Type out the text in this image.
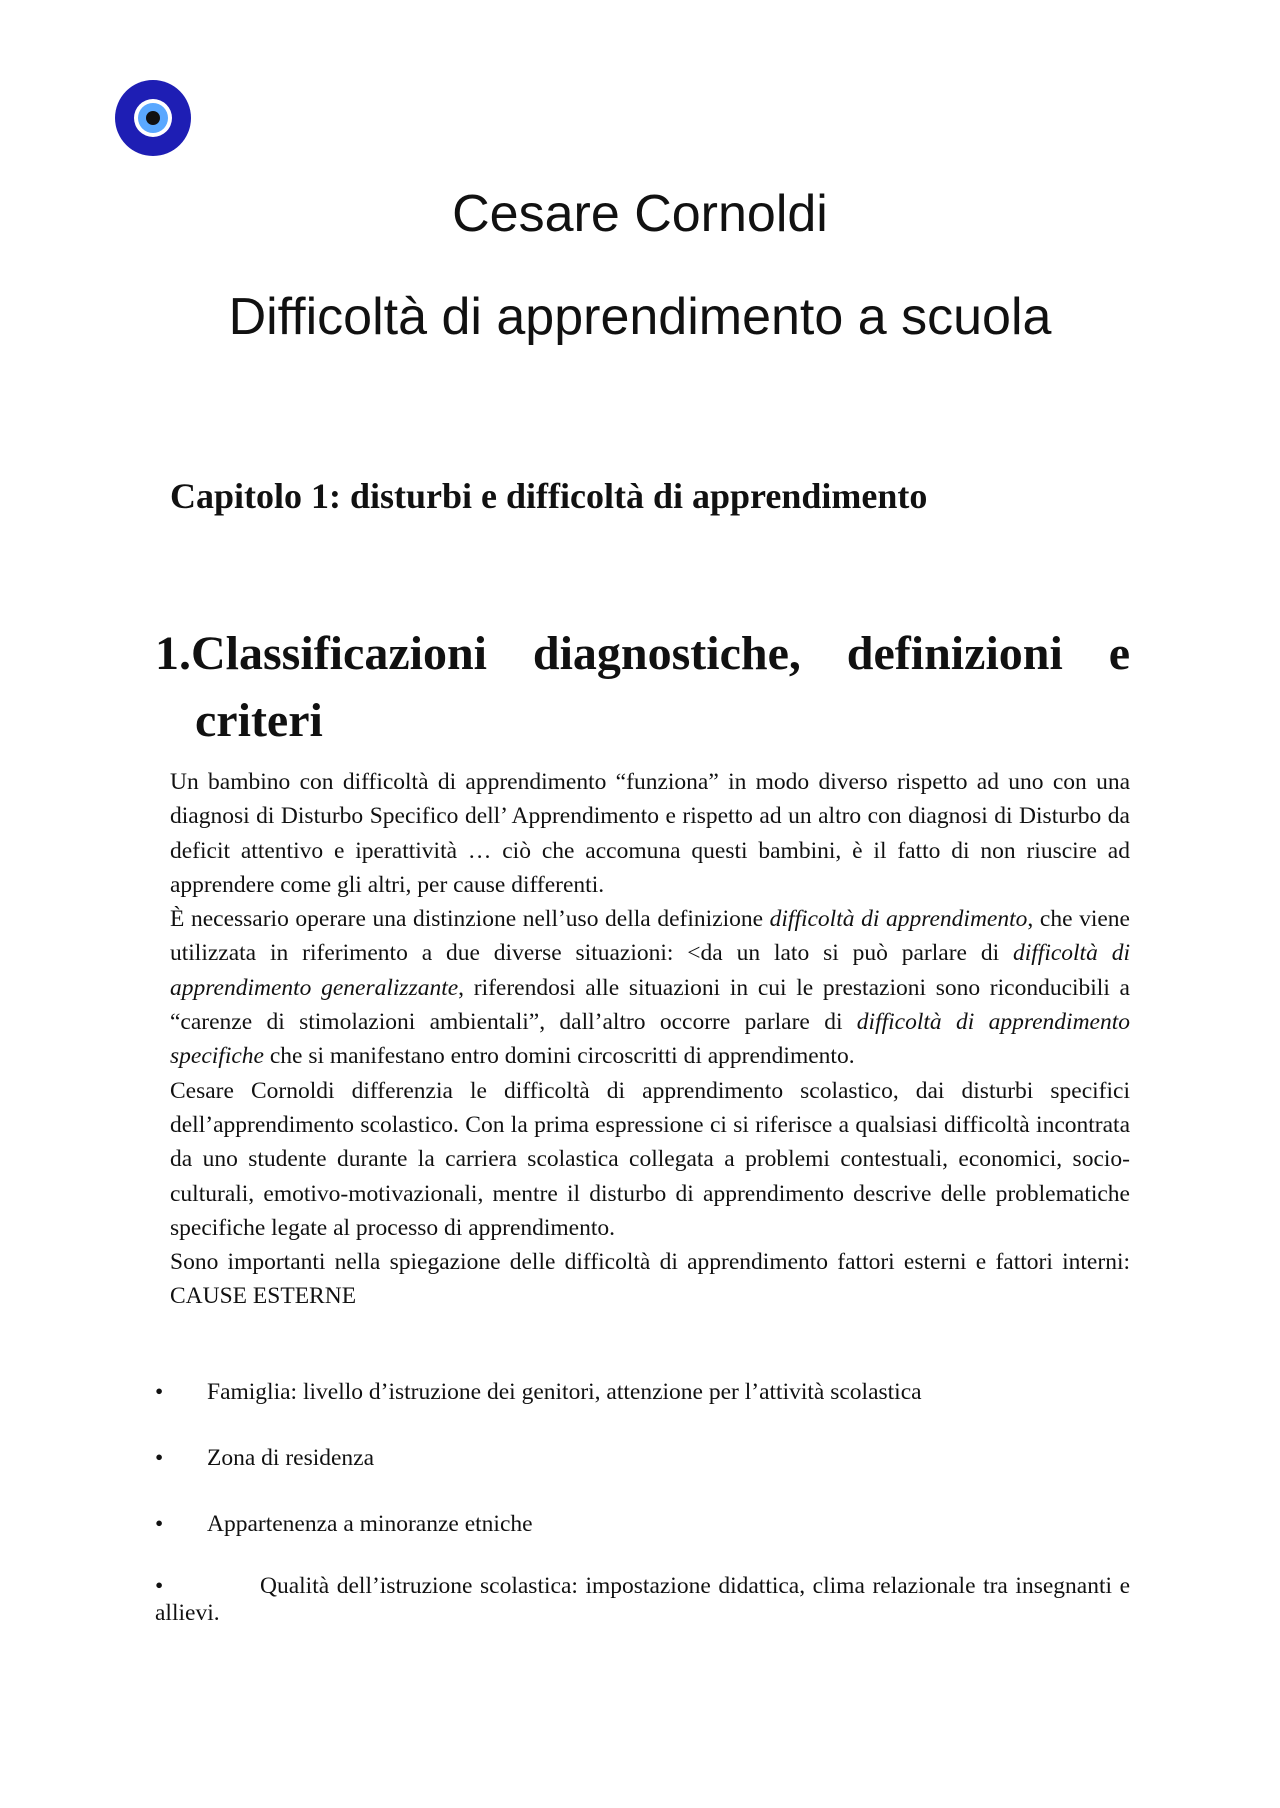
Cesare Cornoldi
Difficoltà di apprendimento a scuola
Capitolo 1: disturbi e difficoltà di apprendimento
1.Classificazioni diagnostiche, definizioni e
criteri

Un bambino con difficoltà di apprendimento “funziona” in modo diverso rispetto ad uno con una diagnosi di Disturbo Specifico dell’ Apprendimento e rispetto ad un altro con diagnosi di Disturbo da deficit attentivo e iperattività … ciò che accomuna questi bambini, è il fatto di non riuscire ad apprendere come gli altri, per cause differenti.

È necessario operare una distinzione nell’uso della definizione difficoltà di apprendimento, che viene utilizzata in riferimento a due diverse situazioni: <da un lato si può parlare di difficoltà di apprendimento generalizzante, riferendosi alle situazioni in cui le prestazioni sono riconducibili a “carenze di stimolazioni ambientali”, dall’altro occorre parlare di difficoltà di apprendimento specifiche che si manifestano entro domini circoscritti di apprendimento.

Cesare Cornoldi differenzia le difficoltà di apprendimento scolastico, dai disturbi specifici dell’apprendimento scolastico. Con la prima espressione ci si riferisce a qualsiasi difficoltà incontrata da uno studente durante la carriera scolastica collegata a problemi contestuali, economici, socio-culturali, emotivo-motivazionali, mentre il disturbo di apprendimento descrive delle problematiche specifiche legate al processo di apprendimento.

Sono importanti nella spiegazione delle difficoltà di apprendimento fattori esterni e fattori interni: CAUSE ESTERNE

•	Famiglia: livello d’istruzione dei genitori, attenzione per l’attività scolastica
•	Zona di residenza
•	Appartenenza a minoranze etniche
•	Qualità dell’istruzione scolastica: impostazione didattica, clima relazionale tra insegnanti e allievi.
